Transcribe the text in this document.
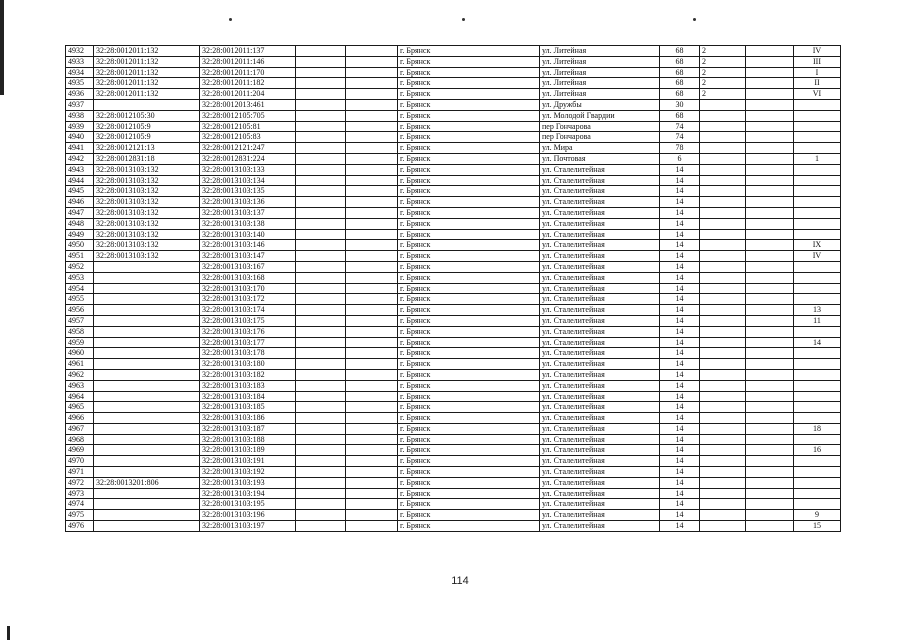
4932	32:28:0012011:132	32:28:0012011:137			г. Брянск	ул. Литейная	68	2		IV
4933	32:28:0012011:132	32:28:0012011:146			г. Брянск	ул. Литейная	68	2		III
4934	32:28:0012011:132	32:28:0012011:170			г. Брянск	ул. Литейная	68	2		I
4935	32:28:0012011:132	32:28:0012011:182			г. Брянск	ул. Литейная	68	2		II
4936	32:28:0012011:132	32:28:0012011:204			г. Брянск	ул. Литейная	68	2		VI
4937		32:28:0012013:461			г. Брянск	ул. Дружбы	30			
4938	32:28:0012105:30	32:28:0012105:705			г. Брянск	ул. Молодой Гвардии	68			
4939	32:28:0012105:9	32:28:0012105:81			г. Брянск	пер Гончарова	74			
4940	32:28:0012105:9	32:28:0012105:83			г. Брянск	пер Гончарова	74			
4941	32:28:0012121:13	32:28:0012121:247			г. Брянск	ул. Мира	78			
4942	32:28:0012831:18	32:28:0012831:224			г. Брянск	ул. Почтовая	6			1
4943	32:28:0013103:132	32:28:0013103:133			г. Брянск	ул. Сталелитейная	14			
4944	32:28:0013103:132	32:28:0013103:134			г. Брянск	ул. Сталелитейная	14			
4945	32:28:0013103:132	32:28:0013103:135			г. Брянск	ул. Сталелитейная	14			
4946	32:28:0013103:132	32:28:0013103:136			г. Брянск	ул. Сталелитейная	14			
4947	32:28:0013103:132	32:28:0013103:137			г. Брянск	ул. Сталелитейная	14			
4948	32:28:0013103:132	32:28:0013103:138			г. Брянск	ул. Сталелитейная	14			
4949	32:28:0013103:132	32:28:0013103:140			г. Брянск	ул. Сталелитейная	14			
4950	32:28:0013103:132	32:28:0013103:146			г. Брянск	ул. Сталелитейная	14			IX
4951	32:28:0013103:132	32:28:0013103:147			г. Брянск	ул. Сталелитейная	14			IV
4952		32:28:0013103:167			г. Брянск	ул. Сталелитейная	14			
4953		32:28:0013103:168			г. Брянск	ул. Сталелитейная	14			
4954		32:28:0013103:170			г. Брянск	ул. Сталелитейная	14			
4955		32:28:0013103:172			г. Брянск	ул. Сталелитейная	14			
4956		32:28:0013103:174			г. Брянск	ул. Сталелитейная	14			13
4957		32:28:0013103:175			г. Брянск	ул. Сталелитейная	14			11
4958		32:28:0013103:176			г. Брянск	ул. Сталелитейная	14			
4959		32:28:0013103:177			г. Брянск	ул. Сталелитейная	14			14
4960		32:28:0013103:178			г. Брянск	ул. Сталелитейная	14			
4961		32:28:0013103:180			г. Брянск	ул. Сталелитейная	14			
4962		32:28:0013103:182			г. Брянск	ул. Сталелитейная	14			
4963		32:28:0013103:183			г. Брянск	ул. Сталелитейная	14			
4964		32:28:0013103:184			г. Брянск	ул. Сталелитейная	14			
4965		32:28:0013103:185			г. Брянск	ул. Сталелитейная	14			
4966		32:28:0013103:186			г. Брянск	ул. Сталелитейная	14			
4967		32:28:0013103:187			г. Брянск	ул. Сталелитейная	14			18
4968		32:28:0013103:188			г. Брянск	ул. Сталелитейная	14			
4969		32:28:0013103:189			г. Брянск	ул. Сталелитейная	14			16
4970		32:28:0013103:191			г. Брянск	ул. Сталелитейная	14			
4971		32:28:0013103:192			г. Брянск	ул. Сталелитейная	14			
4972	32:28:0013201:806	32:28:0013103:193			г. Брянск	ул. Сталелитейная	14			
4973		32:28:0013103:194			г. Брянск	ул. Сталелитейная	14			
4974		32:28:0013103:195			г. Брянск	ул. Сталелитейная	14			
4975		32:28:0013103:196			г. Брянск	ул. Сталелитейная	14			9
4976		32:28:0013103:197			г. Брянск	ул. Сталелитейная	14			15
114
